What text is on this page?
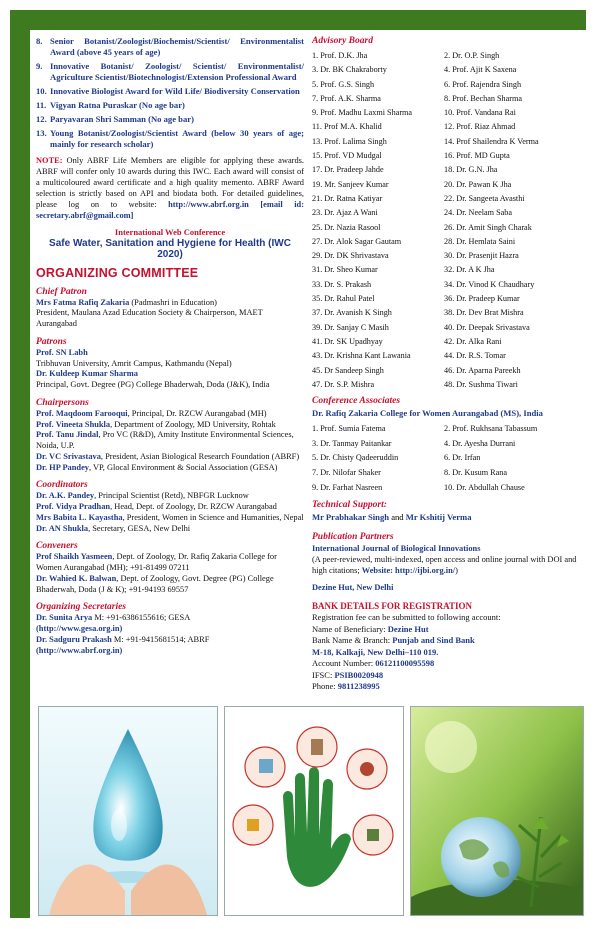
8. Senior Botanist/Zoologist/Biochemist/Scientist/ Environmentalist Award (above 45 years of age)
9. Innovative Botanist/ Zoologist/ Scientist/ Environmentalist/ Agriculture Scientist/Biotechnologist/Extension Professional Award
10. Innovative Biologist Award for Wild Life/ Biodiversity Conservation
11. Vigyan Ratna Puraskar (No age bar)
12. Paryavaran Shri Samman (No age bar)
13. Young Botanist/Zoologist/Scientist Award (below 30 years of age; mainly for research scholar)
NOTE: Only ABRF Life Members are eligible for applying these awards. ABRF will confer only 10 awards during this IWC. Each award will consist of a multicoloured award certificate and a high quality memento. ABRF Award selection is strictly based on API and biodata both. For detailed guidelines, please log on to website: http://www.abrf.org.in [email id: secretary.abrf@gmail.com]
International Web Conference
Safe Water, Sanitation and Hygiene for Health (IWC 2020)
ORGANIZING COMMITTEE
Chief Patron
Mrs Fatma Rafiq Zakaria (Padmashri in Education)
President, Maulana Azad Education Society & Chairperson, MAET Aurangabad
Patrons
Prof. SN Labh
Tribhuvan University, Amrit Campus, Kathmandu (Nepal)
Dr. Kuldeep Kumar Sharma
Principal, Govt. Degree (PG) College Bhaderwah, Doda (J&K), India
Chairpersons
Prof. Maqdoom Farooqui, Principal, Dr. RZCW Aurangabad (MH)
Prof. Vineeta Shukla, Department of Zoology, MD University, Rohtak
Prof. Tanu Jindal, Pro VC (R&D), Amity Institute Environmental Sciences, Noida, U.P.
Dr. VC Srivastava, President, Asian Biological Research Foundation (ABRF)
Dr. HP Pandey, VP, Glocal Environment & Social Association (GESA)
Coordinators
Dr. A.K. Pandey, Principal Scientist (Retd), NBFGR Lucknow
Prof. Vidya Pradhan, Head, Dept. of Zoology, Dr. RZCW Aurangabad
Mrs Babita L. Kayastha, President, Women in Science and Humanities, Nepal
Dr. AN Shukla, Secretary, GESA, New Delhi
Conveners
Prof Shaikh Yasmeen, Dept. of Zoology, Dr. Rafiq Zakaria College for Women Aurangabad (MH); +91-81499 07211
Dr. Wahied K. Balwan, Dept. of Zoology, Govt. Degree (PG) College Bhaderwah, Doda (J & K); +91-94193 69557
Organizing Secretaries
Dr. Sunita Arya M: +91-6386155616; GESA
(http://www.gesa.org.in)
Dr. Sadguru Prakash M: +91-9415681514; ABRF
(http://www.abrf.org.in)
Advisory Board
1. Prof. D.K. Jha	2. Dr. O.P. Singh
3. Dr. BK Chakraborty	4. Prof. Ajit K Saxena
5. Prof. G.S. Singh	6. Prof. Rajendra Singh
7. Prof. A.K. Sharma	8. Prof. Bechan Sharma
9. Prof. Madhu Laxmi Sharma	10. Prof. Vandana Rai
11. Prof M.A. Khalid	12. Prof. Riaz Ahmad
13. Prof. Lalima Singh	14. Prof Shailendra K Verma
15. Prof. VD Mudgal	16. Prof. MD Gupta
17. Dr. Pradeep Jahde	18. Dr. G.N. Jha
19. Mr. Sanjeev Kumar	20. Dr. Pawan K Jha
21. Dr. Ratna Katiyar	22. Dr. Sangeeta Avasthi
23. Dr. Ajaz A Wani	24. Dr. Neelam Saba
25. Dr. Nazia Rasool	26. Dr. Amit Singh Charak
27. Dr. Alok Sagar Gautam	28. Dr. Hemlata Saini
29. Dr. DK Shrivastava	30. Dr. Prasenjit Hazra
31. Dr. Sheo Kumar	32. Dr. A K Jha
33. Dr. S. Prakash	34. Dr. Vinod K Chaudhary
35. Dr. Rahul Patel	36. Dr. Pradeep Kumar
37. Dr. Avanish K Singh	38. Dr. Dev Brat Mishra
39. Dr. Sanjay C Masih	40. Dr. Deepak Srivastava
41. Dr. SK Upadhyay	42. Dr. Alka Rani
43. Dr. Krishna Kant Lawania	44. Dr. R.S. Tomar
45. Dr Sandeep Singh	46. Dr. Aparna Pareekh
47. Dr. S.P. Mishra	48. Dr. Sushma Tiwari
Conference Associates
Dr. Rafiq Zakaria College for Women Aurangabad (MS), India
1. Prof. Sumia Fatema	2. Prof. Rukhsana Tabassum
3. Dr. Tanmay Paitankar	4. Dr. Ayesha Durrani
5. Dr. Chisty Qadeeruddin	6. Dr. Irfan
7. Dr. Nilofar Shaker	8. Dr. Kusum Rana
9. Dr. Farhat Nasreen	10. Dr. Abdullah Chause
Technical Support:
Mr Prabhakar Singh and Mr Kshitij Verma
Publication Partners
International Journal of Biological Innovations
(A peer-reviewed, multi-indexed, open access and online journal with DOI and high citations; Website: http://ijbi.org.in/)

Dezine Hut, New Delhi
BANK DETAILS FOR REGISTRATION
Registration fee can be submitted to following account:
Name of Beneficiary: Dezine Hut
Bank Name & Branch: Punjab and Sind Bank
M-18, Kalkaji, New Delhi–110 019.
Account Number: 06121100095598
IFSC: PSIB0020948
Phone: 9811238995
